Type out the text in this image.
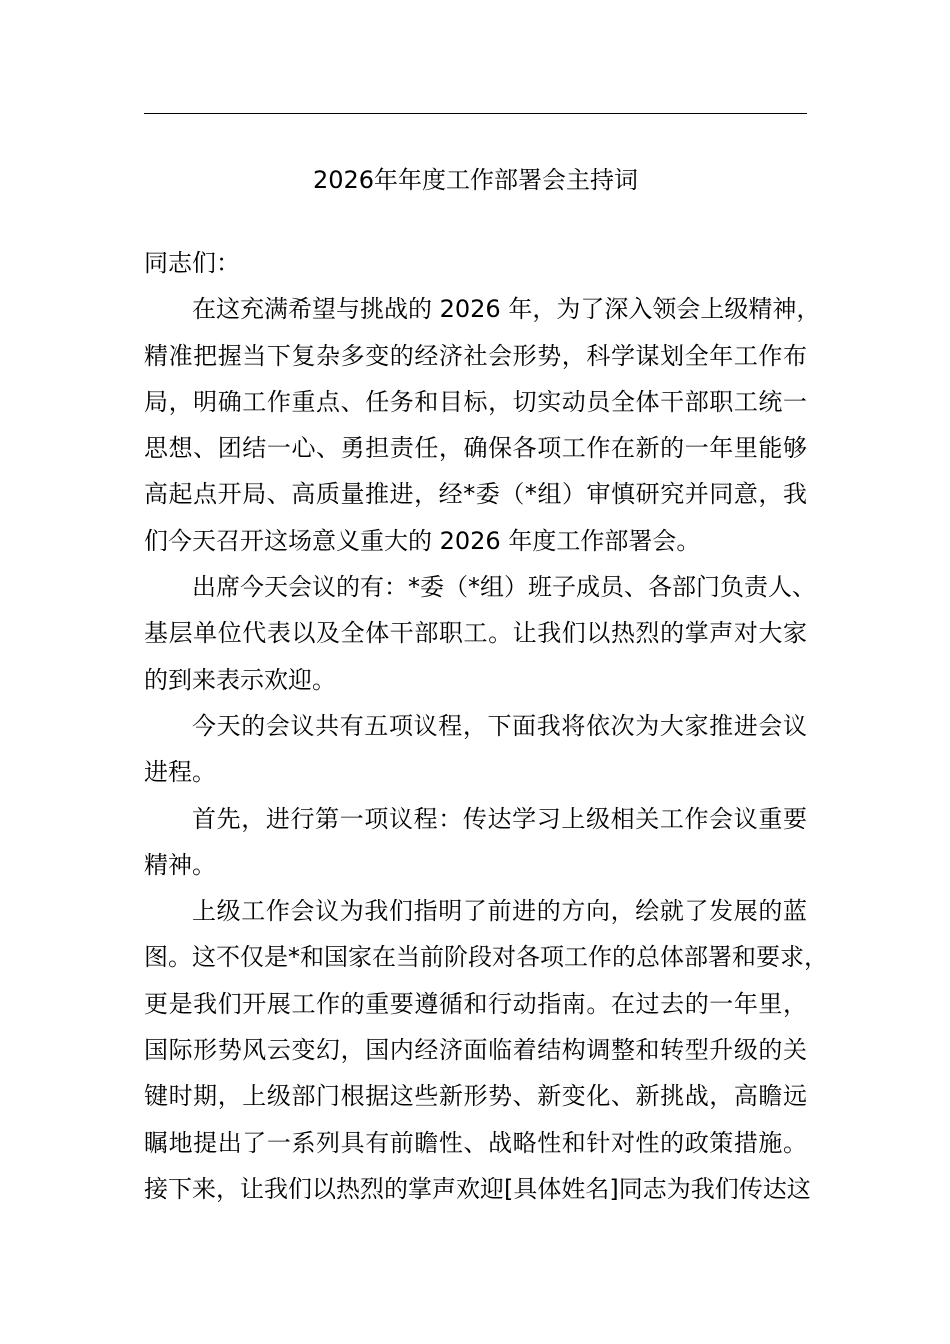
2026年年度工作部署会主持词
同志们：
在这充满希望与挑战的 2026 年，为了深入领会上级精神，
精准把握当下复杂多变的经济社会形势，科学谋划全年工作布
局，明确工作重点、任务和目标，切实动员全体干部职工统一
思想、团结一心、勇担责任，确保各项工作在新的一年里能够
高起点开局、高质量推进，经*委（*组）审慎研究并同意，我
们今天召开这场意义重大的 2026 年度工作部署会。
出席今天会议的有：*委（*组）班子成员、各部门负责人、
基层单位代表以及全体干部职工。让我们以热烈的掌声对大家
的到来表示欢迎。
今天的会议共有五项议程，下面我将依次为大家推进会议
进程。
首先，进行第一项议程：传达学习上级相关工作会议重要
精神。
上级工作会议为我们指明了前进的方向，绘就了发展的蓝
图。这不仅是*和国家在当前阶段对各项工作的总体部署和要求，
更是我们开展工作的重要遵循和行动指南。在过去的一年里，
国际形势风云变幻，国内经济面临着结构调整和转型升级的关
键时期，上级部门根据这些新形势、新变化、新挑战，高瞻远
瞩地提出了一系列具有前瞻性、战略性和针对性的政策措施。
接下来，让我们以热烈的掌声欢迎[具体姓名]同志为我们传达这
